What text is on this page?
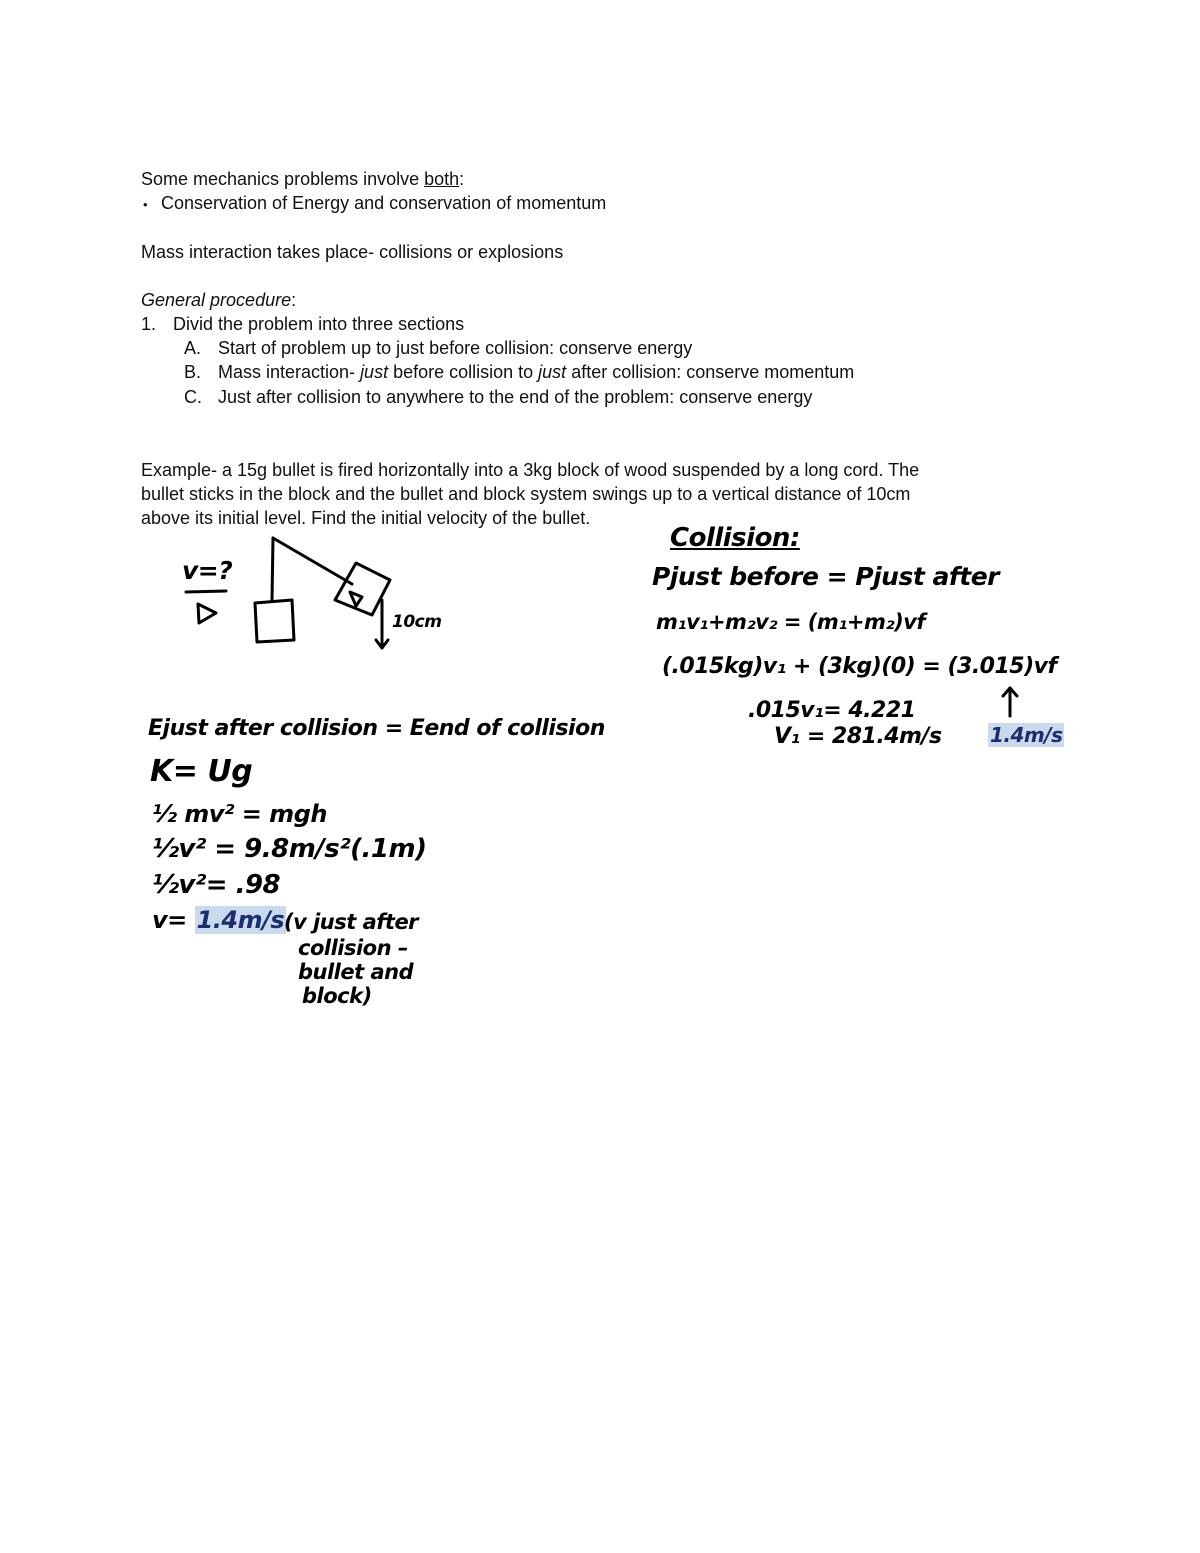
Some mechanics problems involve both:
• Conservation of Energy and conservation of momentum
Mass interaction takes place- collisions or explosions
General procedure:
1. Divid the problem into three sections
A. Start of problem up to just before collision: conserve energy
B. Mass interaction- just before collision to just after collision: conserve momentum
C. Just after collision to anywhere to the end of the problem: conserve energy
Example- a 15g bullet is fired horizontally into a 3kg block of wood suspended by a long cord. The
bullet sticks in the block and the bullet and block system swings up to a vertical distance of 10cm
above its initial level. Find the initial velocity of the bullet.
v=?
10cm
Collision:
Pjust before = Pjust after
m₁v₁+m₂v₂ = (m₁+m₂)vf
(.015kg)v₁ + (3kg)(0) = (3.015)vf
.015v₁= 4.221
V₁ = 281.4m/s 1.4m/s
Ejust after collision = Eend of collision
K= Ug
½ mv² = mgh
½v² = 9.8m/s²(.1m)
½v²= .98
v= 1.4m/s (v just after
collision –
bullet and
block)
